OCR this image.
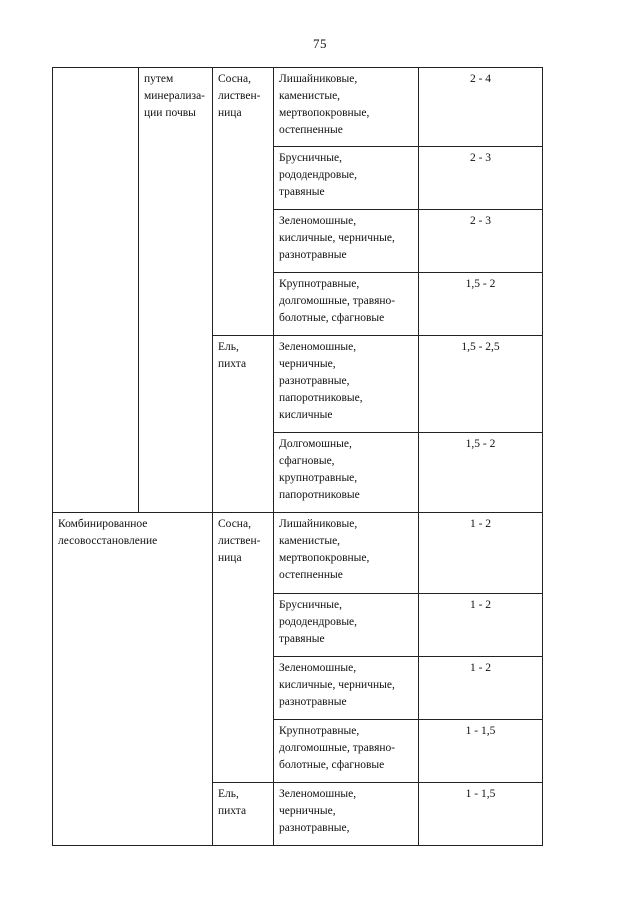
75
	путем
минерализа-
ции почвы	Сосна,
листвен-
ница	Лишайниковые,
каменистые,
мертвопокровные,
остепненные	2 - 4
			Брусничные,
рододендровые,
травяные	2 - 3
			Зеленомошные,
кисличные, черничные,
разнотравные	2 - 3
			Крупнотравные,
долгомошные, травяно-
болотные, сфагновые	1,5 - 2
		Ель,
пихта	Зеленомошные,
черничные,
разнотравные,
папоротниковые,
кисличные	1,5 - 2,5
			Долгомошные,
сфагновые,
крупнотравные,
папоротниковые	1,5 - 2
Комбинированное
лесовосстановление		Сосна,
листвен-
ница	Лишайниковые,
каменистые,
мертвопокровные,
остепненные	1 - 2
			Брусничные,
рододендровые,
травяные	1 - 2
			Зеленомошные,
кисличные, черничные,
разнотравные	1 - 2
			Крупнотравные,
долгомошные, травяно-
болотные, сфагновые	1 - 1,5
		Ель,
пихта	Зеленомошные,
черничные,
разнотравные,	1 - 1,5
